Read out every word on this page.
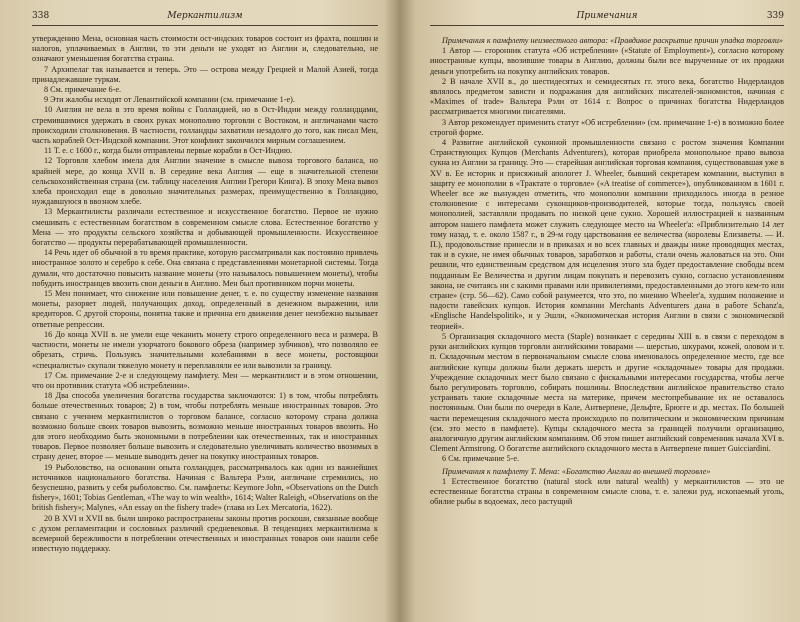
338	Меркантилизм

утверждению Мена, основная часть стоимости ост-индских товаров состоит из фрахта, пошлин и налогов, уплачиваемых в Англии, то эти деньги не уходят из Англии и, следовательно, не означают уменьшения богатства страны.

7 Архипелаг так называется и теперь. Это — острова между Грецией и Малой Азией, тогда принадлежавшие туркам.

8 См. примечание 6-е.

9 Эти жалобы исходят от Левантийской компании (см. примечание 1-е).

10 Англия не вела в это время войны с Голландией, но в Ост-Индии между голландцами, стремившимися удержать в своих руках монополию торговли с Востоком, и англичанами часто происходили столкновения. В частности, голландцы захватили незадолго до того, как писал Мен, часть кораблей Ост-Индской компании. Этот конфликт закончился мирным соглашением.

11 Т. е. с 1600 г., когда были отправлены первые корабли в Ост-Индию.

12 Торговля хлебом имела для Англии значение в смысле вывоза торгового баланса, но крайней мере, до конца XVII в. В середине века Англия — еще в значительной степени сельскохозяйственная страна (см. таблицу населения Англии Грегори Кинга). В эпоху Мена вывоз хлеба происходил еще в довольно значительных размерах, преимущественно в Голландию, нуждавшуюся в ввозном хлебе.

13 Меркантилисты различали естественное и искусственное богатство. Первое не нужно смешивать с естественным богатством в современном смысле слова. Естественное богатство у Мена — это продукты сельского хозяйства и добывающей промышленности. Искусственное богатство — продукты перерабатывающей промышленности.

14 Речь идет об обычной в то время практике, которую рассматривали как постоянно привлечь иностранное золото и серебро к себе. Она связана с представлениями монетарной системы. Тогда думали, что достаточно повысить название монеты (это называлось повышением монеты), чтобы побудить иностранцев ввозить свои деньги в Англию. Мен был противником порчи монеты.

15 Мен понимает, что снижение или повышение денег, т. е. по существу изменение названия монеты, разоряет людей, получающих доход, определенный в денежном выражении, или кредиторов. С другой стороны, понятна также и причина его движения денег неизбежно вызывает ответные репрессии.

16 До конца XVII в. не умели еще чеканить монету строго определенного веса и размера. В частности, монеты не имели узорчатого бокового обреза (например зубчиков), что позволяло ее обрезать, стричь. Пользуясь значительными колебаниями в весе монеты, ростовщики «специалисты» скупали тяжелую монету и переплавляли ее или вывозили за границу.

17 См. примечание 2-е и следующему памфлету. Мен — меркантилист и в этом отношении, что он противник статута «Об истреблении».

18 Два способа увеличения богатства государства заключаются: 1) в том, чтобы потреблять больше отечественных товаров; 2) в том, чтобы потреблять меньше иностранных товаров. Это связано с учением меркантилистов о торговом балансе, согласно которому страна должна возможно больше своих товаров вывозить, возможно меньше иностранных товаров ввозить. Но для этого необходимо быть экономными в потреблении как отечественных, так и иностранных товаров. Первое позволяет больше вывозить и следовательно увеличивать количество ввозимых в страну денег, второе — меньше выводить денег на покупку иностранных товаров.

19 Рыболовство, на основании опыта голландцев, рассматривалось как один из важнейших источников национального богатства. Начиная с Вальтера Рэли, англичане стремились, но безуспешно, развить у себя рыболовство. См. памфлеты: Keymore John, «Observations on the Dutch fishery», 1601; Tobias Gentleman, «The way to win wealth», 1614; Walter Raleigh, «Observations on the british fishery»; Malynes, «An essay on the fishery trade» (глава из Lex Mercatoria, 1622).

20 В XVI и XVII вв. были широко распространены законы против роскоши, связанные вообще с духом регламентации и сословных различий средневековья. В тенденциях меркантилизма к всемерной бережливости в потреблении отечественных и иностранных товаров они нашли себе известную поддержку.

Примечания	339

Примечания к памфлету неизвестного автора: «Правдивое раскрытие причин упадка торговли»

1 Автор — сторонник статута «Об истреблении» («Statute of Employment»), согласно которому иностранные купцы, ввозившие товары в Англию, должны были все вырученные от их продажи деньги употребить на покупку английских товаров.

2 В начале XVII в., до шестидесятых и семидесятых гг. этого века, богатство Нидерландов являлось предметом зависти и подражания для английских писателей-экономистов, начиная с «Maximes of trade» Вальтера Рэли от 1614 г. Вопрос о причинах богатства Нидерландов рассматривается многими писателями.

3 Автор рекомендует применить статут «Об истреблении» (см. примечание 1-е) в возможно более строгой форме.

4 Развитие английской суконной промышленности связано с ростом значения Компании Странствующих Купцов (Merchants Adventurers), которая приобрела монопольное право вывоза сукна из Англии за границу. Это — старейшая английская торговая компания, существовавшая уже в XV в. Ее историк и присяжный апологет J. Wheeler, бывший секретарем компании, выступил в защиту ее монополии в «Трактате о торговле» («A treatise of commerce»), опубликованном в 1601 г. Wheeler все же вынужден отметить, что монополии компании приходилось иногда в резное столкновение с интересами суконщиков-производителей, которые тогда, пользуясь своей монополией, заставляли продавать по низкой цене сукно. Хорошей иллюстрацией к названным автором нашего памфлета может служить следующее место на Wheeler'а: «Приблизительно 14 лет тому назад, т. е. около 1587 г., в 29-м году царствования ее величества (королевы Елизаветы. — И. П.), продовольствие принесли и в приказах и во всех главных и дважды ниже проводящих местах, так и в сукне, не имея обычных товаров, заработков и работы, стали очень жаловаться на это. Они решили, что единственным средством для исцеления этого зла будет предоставление свободы всем подданным Ее Величества и другим лицам покупать и перевозить сукно, согласно установлениям закона, не считаясь ни с какими правами или привилегиями, предоставленными до этого кем-то или стране» (стр. 56—62). Само собой разумеется, что это, по мнению Wheeler'а, худшим положение и падости гавейских купцов. История компании Merchants Adventurers дана в работе Schanz'а, «Englische Handelspolitik», и у Эшли, «Экономическая история Англии в связи с экономической теорией».

5 Организация складочного места (Staple) возникает с середины XIII в. в связи с переходом в руки английских купцов торговли английскими товарами — шерстью, шкурами, кожей, оловом и т. п. Складочным местом в первоначальном смысле слова именовалось определенное место, где все английские купцы должны были держать шерсть и другие «складочные» товары для продажи. Учреждение складочных мест было связано с фискальными интересами государства, чтобы легче было регулировать торговлю, собирать пошлины. Впоследствии английское правительство стало устраивать такие складочные места на материке, причем местопребывание их не оставалось постоянным. Они были по очереди в Кале, Антверпене, Дельфте, Брюгге и др. местах. По большей части перемещения складочного места происходило по политическим и экономическим причинам (см. это место в памфлете). Купцы складочного места за границей получили организацию, аналогичную другим английским компаниям. Об этом пишет английский современник начала XVI в. Clement Armstrong. О богатстве английского складочного места в Антверпене пишет Guicciardini.

6 См. примечание 5-е.

Примечания к памфлету Т. Мена: «Богатство Англии во внешней торговле»

1 Естественное богатство (natural stock или natural wealth) у меркантилистов — это не естественные богатства страны в современном смысле слова, т. е. залежи руд, ископаемый уголь, обилие рыбы в водоемах, лесо растущий
